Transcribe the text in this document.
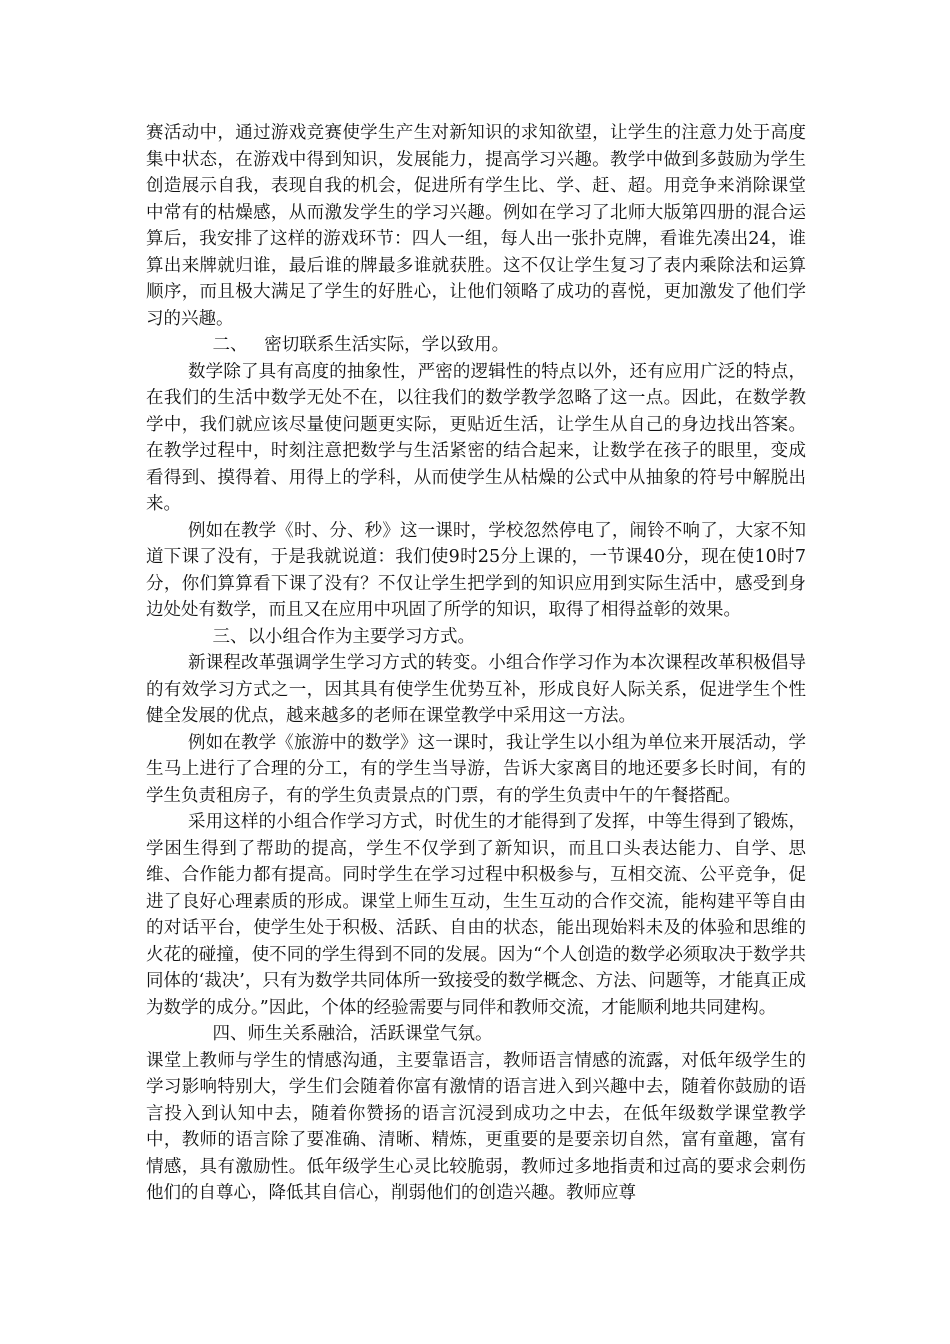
赛活动中，通过游戏竞赛使学生产生对新知识的求知欲望，让学生的注意力处于高度集中状态，在游戏中得到知识，发展能力，提高学习兴趣。教学中做到多鼓励为学生创造展示自我，表现自我的机会，促进所有学生比、学、赶、超。用竞争来消除课堂中常有的枯燥感，从而激发学生的学习兴趣。例如在学习了北师大版第四册的混合运算后，我安排了这样的游戏环节：四人一组，每人出一张扑克牌，看谁先凑出24，谁算出来牌就归谁，最后谁的牌最多谁就获胜。这不仅让学生复习了表内乘除法和运算顺序，而且极大满足了学生的好胜心，让他们领略了成功的喜悦，更加激发了他们学习的兴趣。

二、   密切联系生活实际，学以致用。

数学除了具有高度的抽象性，严密的逻辑性的特点以外，还有应用广泛的特点，在我们的生活中数学无处不在，以往我们的数学教学忽略了这一点。因此，在数学教学中，我们就应该尽量使问题更实际，更贴近生活，让学生从自己的身边找出答案。在教学过程中，时刻注意把数学与生活紧密的结合起来，让数学在孩子的眼里，变成看得到、摸得着、用得上的学科，从而使学生从枯燥的公式中从抽象的符号中解脱出来。

例如在教学《时、分、秒》这一课时，学校忽然停电了，闹铃不响了，大家不知道下课了没有，于是我就说道：我们使9时25分上课的，一节课40分，现在使10时7分，你们算算看下课了没有？不仅让学生把学到的知识应用到实际生活中，感受到身边处处有数学，而且又在应用中巩固了所学的知识，取得了相得益彰的效果。

三、以小组合作为主要学习方式。

新课程改革强调学生学习方式的转变。小组合作学习作为本次课程改革积极倡导的有效学习方式之一，因其具有使学生优势互补，形成良好人际关系，促进学生个性健全发展的优点，越来越多的老师在课堂教学中采用这一方法。

例如在教学《旅游中的数学》这一课时，我让学生以小组为单位来开展活动，学生马上进行了合理的分工，有的学生当导游，告诉大家离目的地还要多长时间，有的学生负责租房子，有的学生负责景点的门票，有的学生负责中午的午餐搭配。

采用这样的小组合作学习方式，时优生的才能得到了发挥，中等生得到了锻炼，学困生得到了帮助的提高，学生不仅学到了新知识，而且口头表达能力、自学、思维、合作能力都有提高。同时学生在学习过程中积极参与，互相交流、公平竞争，促进了良好心理素质的形成。课堂上师生互动，生生互动的合作交流，能构建平等自由的对话平台，使学生处于积极、活跃、自由的状态，能出现始料未及的体验和思维的火花的碰撞，使不同的学生得到不同的发展。因为“个人创造的数学必须取决于数学共同体的‘裁决’，只有为数学共同体所一致接受的数学概念、方法、问题等，才能真正成为数学的成分。”因此，个体的经验需要与同伴和教师交流，才能顺利地共同建构。

四、师生关系融洽，活跃课堂气氛。

课堂上教师与学生的情感沟通，主要靠语言，教师语言情感的流露，对低年级学生的学习影响特别大，学生们会随着你富有激情的语言进入到兴趣中去，随着你鼓励的语言投入到认知中去，随着你赞扬的语言沉浸到成功之中去，在低年级数学课堂教学中，教师的语言除了要准确、清晰、精炼，更重要的是要亲切自然，富有童趣，富有情感，具有激励性。低年级学生心灵比较脆弱，教师过多地指责和过高的要求会刺伤他们的自尊心，降低其自信心，削弱他们的创造兴趣。教师应尊
